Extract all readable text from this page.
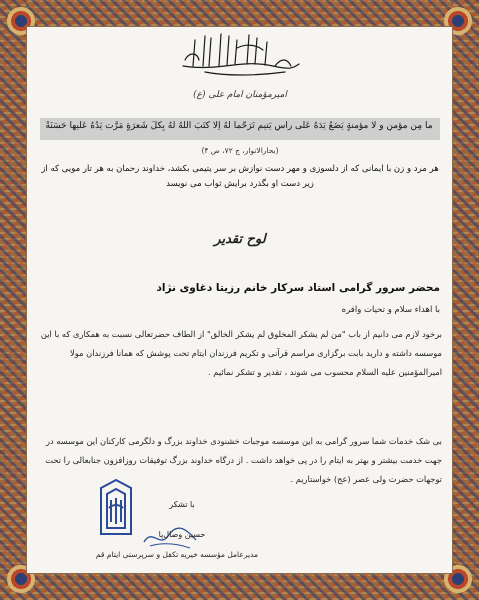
امیرمؤمنان امام علی (ع)
ما مِن مؤمنٍ و لا مؤمنةٍ یَضَعُ یَدَهُ عَلی رأسِ یَتیمٍ تَرَحُّماً لَهُ اِلّا کَتَبَ اللهُ لَهُ بِکُلِّ شَعرَةٍ مَرَّت یَدُهُ عَلَیها حَسَنَةً
(بحارالانوار، ج ۷۲، ص ۴)
هر مرد و زن با ایمانی که از دلسوزی و مهر دست نوازش بر سر یتیمی بکشد، خداوند رحمان به هر تار مویی که از زیر دست او بگذرد برایش ثواب می نویسد
لوح تقدیر
محضر سرور گرامی استاد سرکار خانم رزیتا دغاوی نژاد
با اهداء سلام و تحیات وافره
برخود لازم می دانیم از باب "من لم یشکر المخلوق لم یشکر الخالق" از الطاف حضرتعالی نسبت به همکاری که با این موسسه داشته و دارید بابت برگزاری مراسم قرآنی و تکریم فرزندان ایتام تحت پوشش که همانا فرزندان مولا امیرالمؤمنین علیه السلام محسوب می شوند ، تقدیر و تشکر نمائیم .
بی شک خدمات شما سرور گرامی به این موسسه موجبات خشنودی خداوند بزرگ و دلگرمی کارکنان این موسسه در جهت خدمت بیشتر و بهتر به ایتام را در پی خواهد داشت . از درگاه خداوند بزرگ توفیقات روزافزون جنابعالی را تحت توجهات حضرت ولی عصر (عج) خواستاریم .
با تشکر
حسین وصال‌پا
مدیرعامل مؤسسه خیریه تکفل و سرپرستی ایتام قم
